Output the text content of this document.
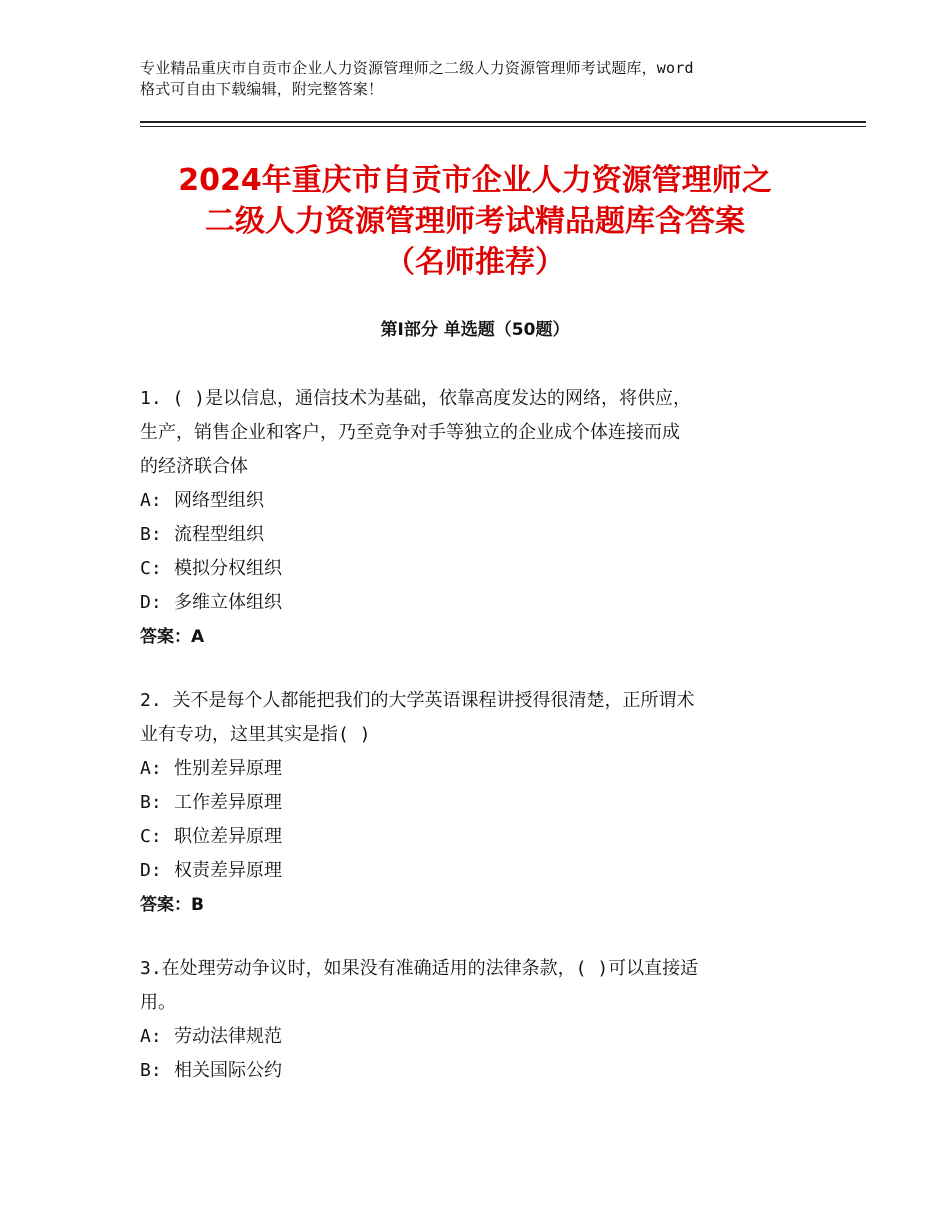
专业精品重庆市自贡市企业人力资源管理师之二级人力资源管理师考试题库，word
格式可自由下载编辑，附完整答案！
2024年重庆市自贡市企业人力资源管理师之
二级人力资源管理师考试精品题库含答案
（名师推荐）
第Ⅰ部分 单选题（50题）
1. ( )是以信息，通信技术为基础，依靠高度发达的网络，将供应，
生产，销售企业和客户，乃至竞争对手等独立的企业成个体连接而成
的经济联合体
A: 网络型组织
B: 流程型组织
C: 模拟分权组织
D: 多维立体组织
答案：A
2. 关不是每个人都能把我们的大学英语课程讲授得很清楚，正所谓术
业有专功，这里其实是指( )
A: 性别差异原理
B: 工作差异原理
C: 职位差异原理
D: 权责差异原理
答案：B
3.在处理劳动争议时，如果没有准确适用的法律条款，( )可以直接适
用。
A: 劳动法律规范
B: 相关国际公约
